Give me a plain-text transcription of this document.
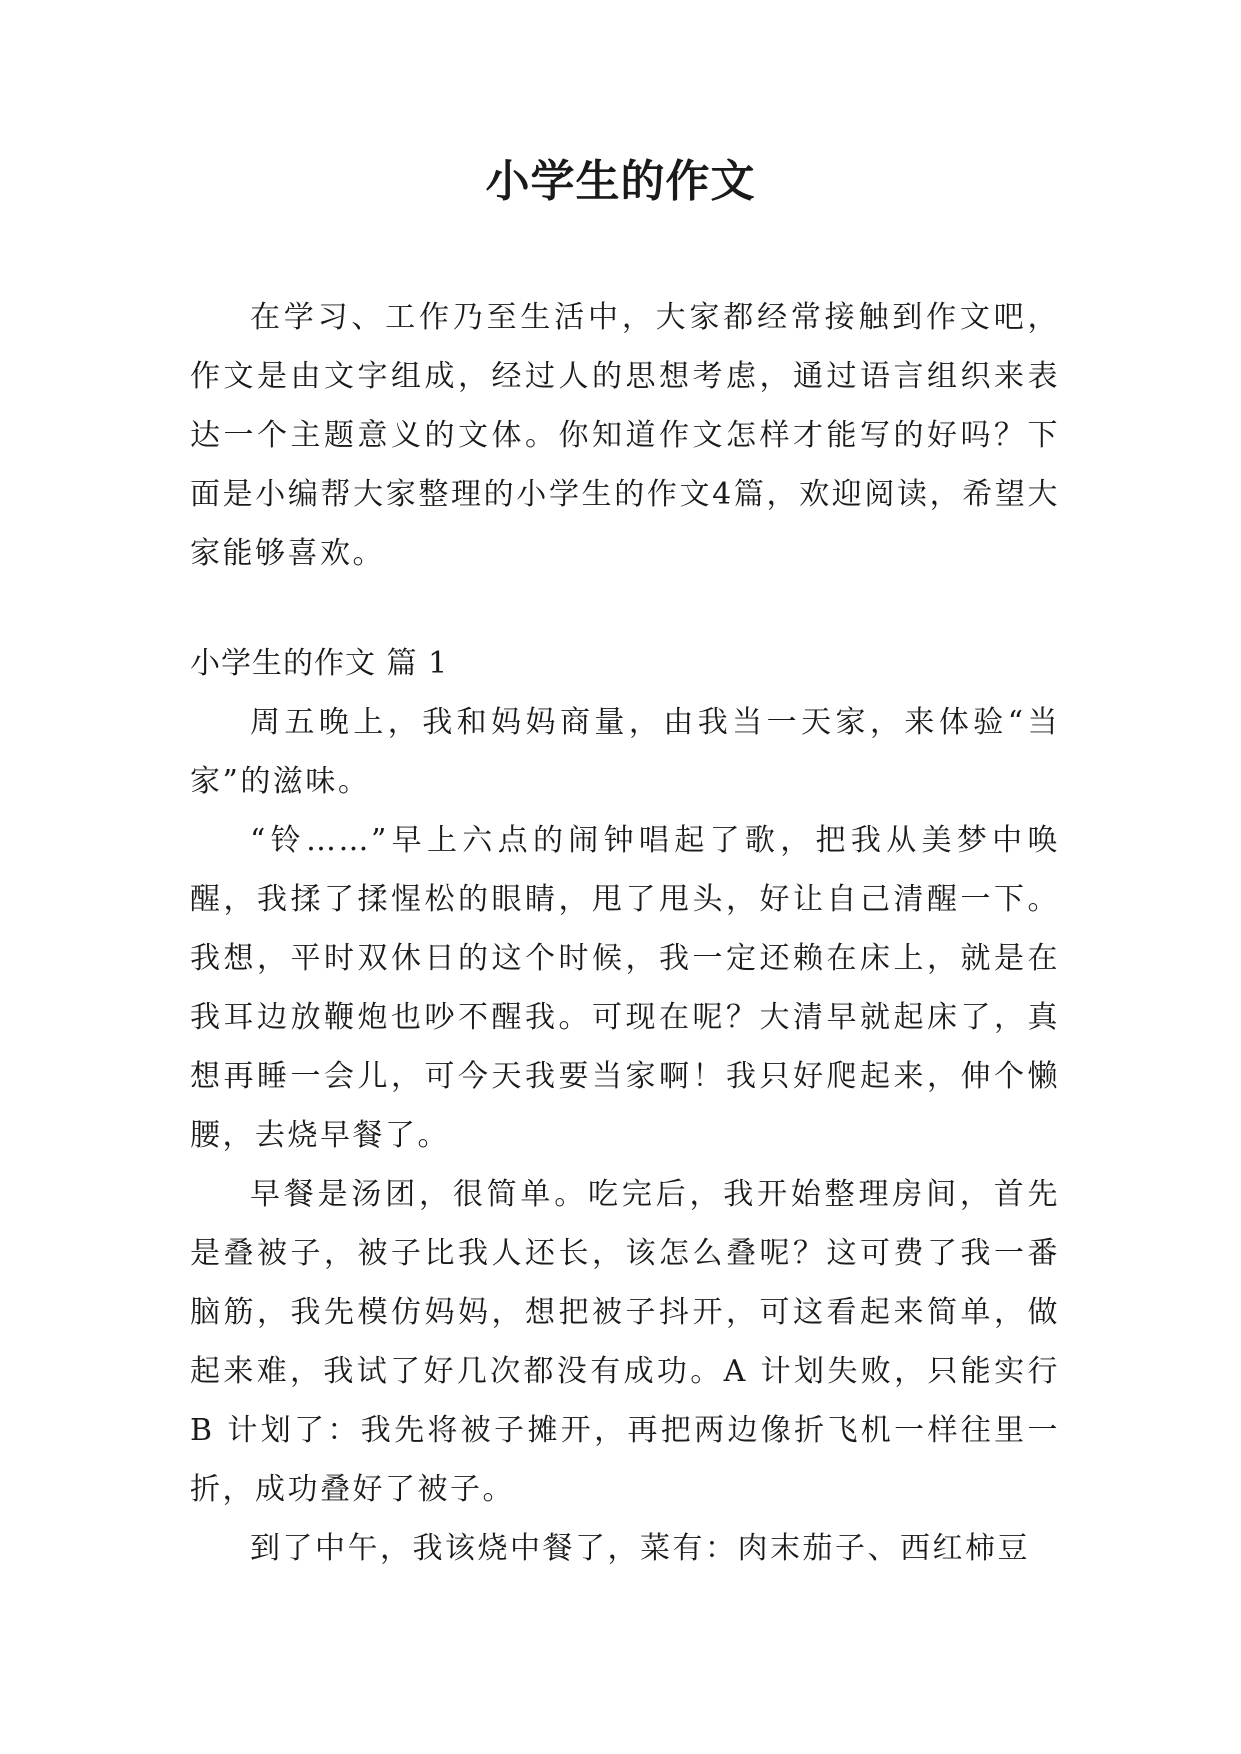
小学生的作文

在学习、工作乃至生活中，大家都经常接触到作文吧，作文是由文字组成，经过人的思想考虑，通过语言组织来表达一个主题意义的文体。你知道作文怎样才能写的好吗？下面是小编帮大家整理的小学生的作文4篇，欢迎阅读，希望大家能够喜欢。

小学生的作文 篇 1

周五晚上，我和妈妈商量，由我当一天家，来体验“当家”的滋味。

“铃……”早上六点的闹钟唱起了歌，把我从美梦中唤醒，我揉了揉惺松的眼睛，甩了甩头，好让自己清醒一下。我想，平时双休日的这个时候，我一定还赖在床上，就是在我耳边放鞭炮也吵不醒我。可现在呢？大清早就起床了，真想再睡一会儿，可今天我要当家啊！我只好爬起来，伸个懒腰，去烧早餐了。

早餐是汤团，很简单。吃完后，我开始整理房间，首先是叠被子，被子比我人还长，该怎么叠呢？这可费了我一番脑筋，我先模仿妈妈，想把被子抖开，可这看起来简单，做起来难，我试了好几次都没有成功。A 计划失败，只能实行 B 计划了：我先将被子摊开，再把两边像折飞机一样往里一折，成功叠好了被子。

到了中午，我该烧中餐了，菜有：肉末茄子、西红柿豆
